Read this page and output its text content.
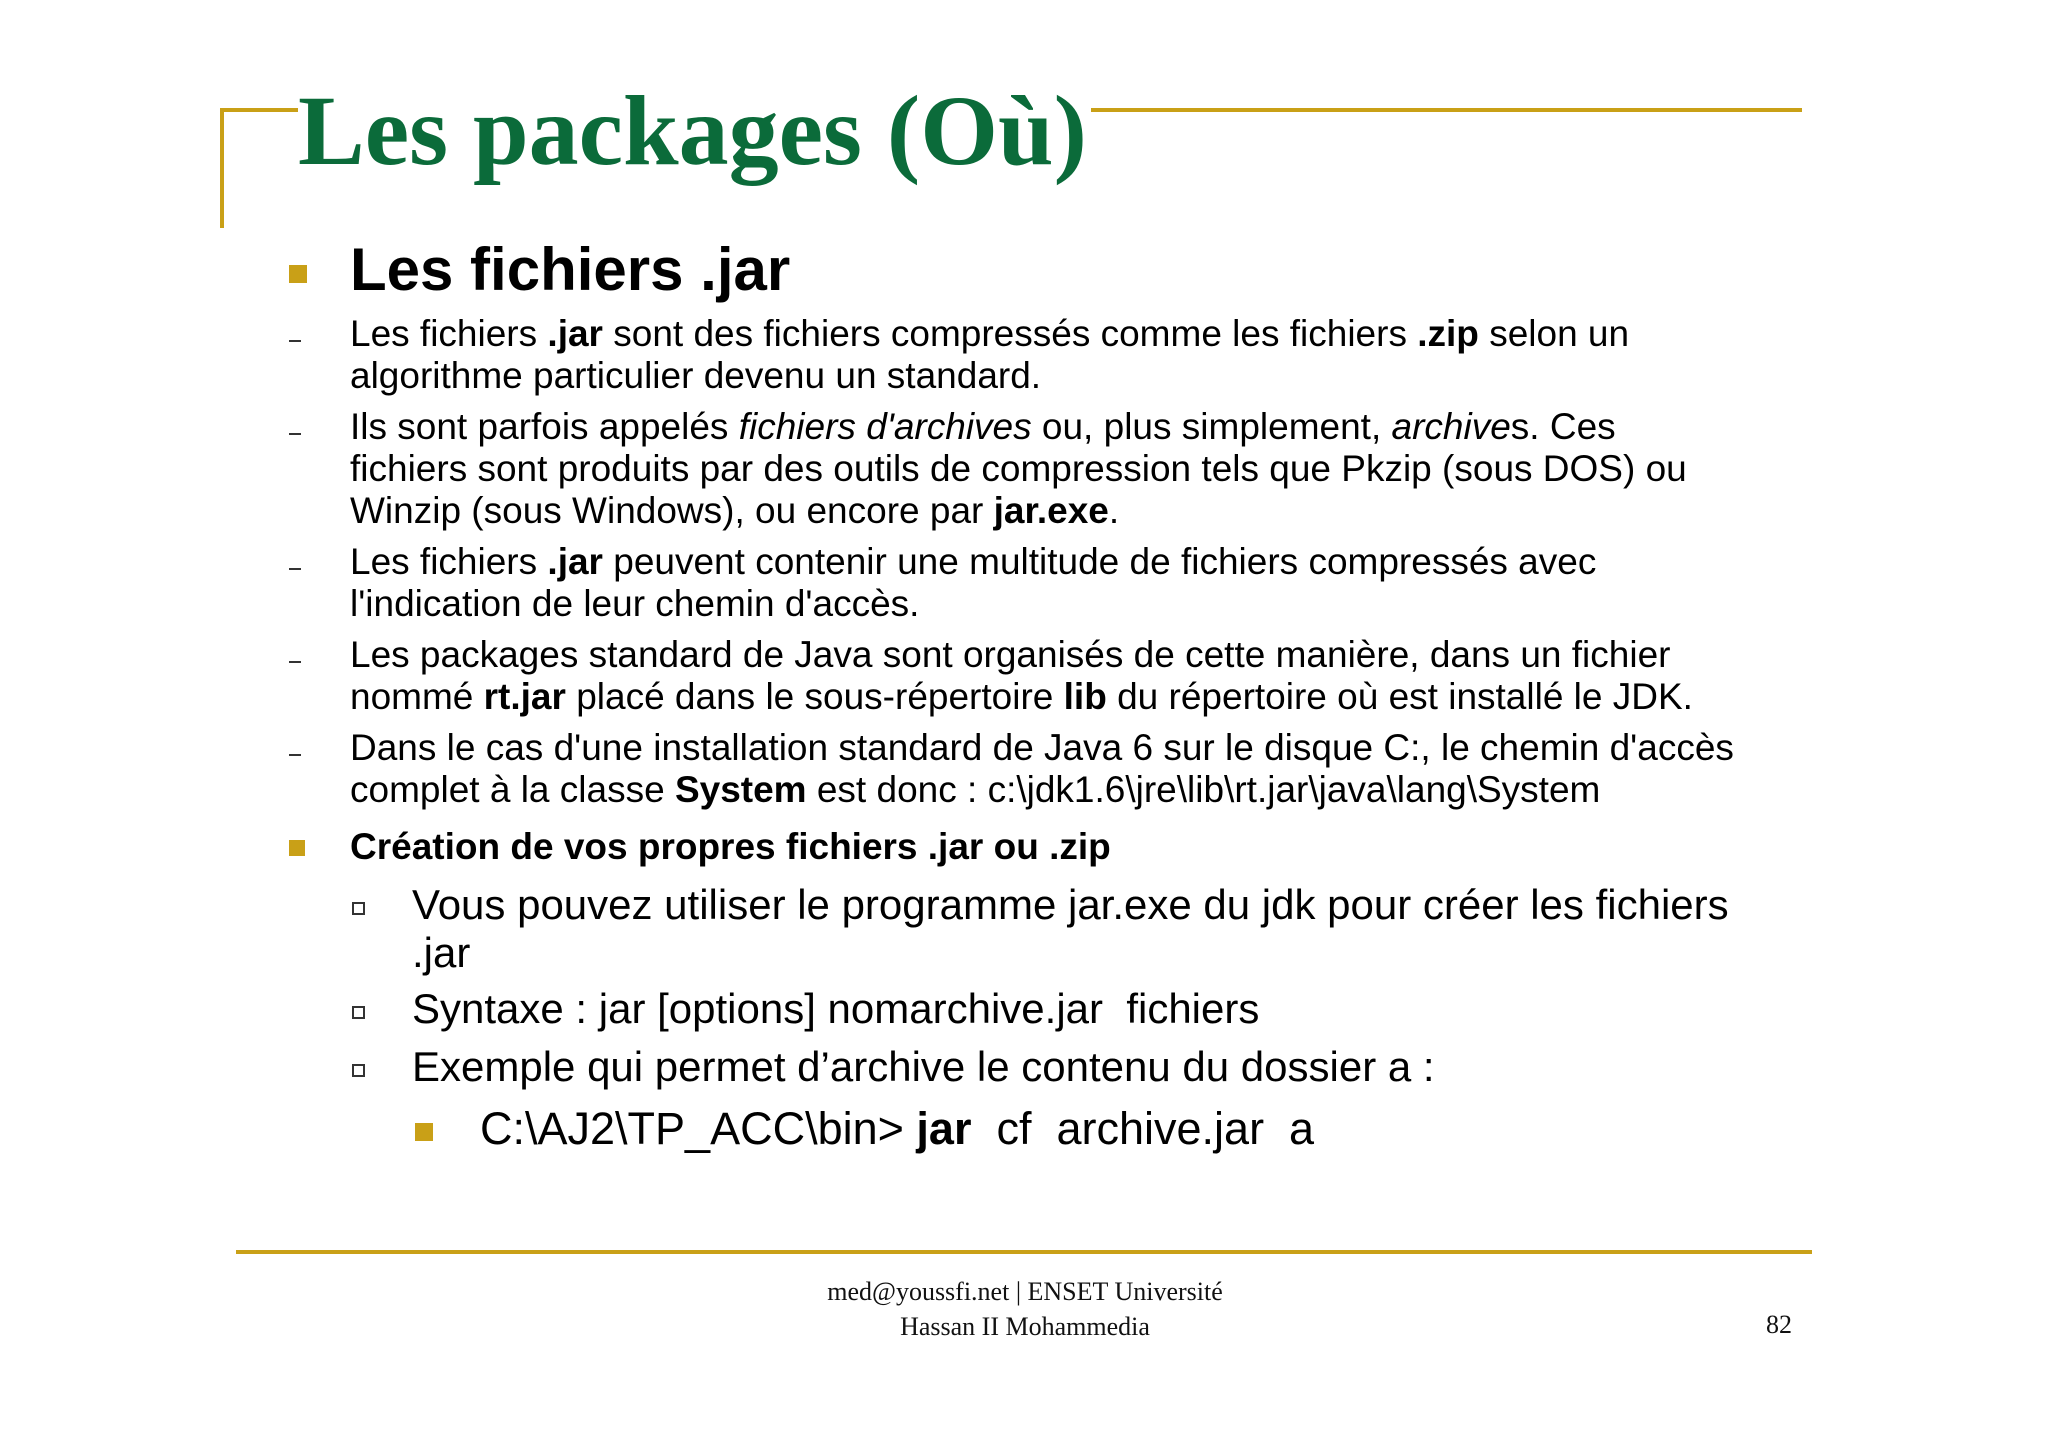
Les packages (Où)
Les fichiers .jar
Les fichiers .jar sont des fichiers compressés comme les fichiers .zip selon un
algorithme particulier devenu un standard.
Ils sont parfois appelés fichiers d'archives ou, plus simplement, archives. Ces
fichiers sont produits par des outils de compression tels que Pkzip (sous DOS) ou
Winzip (sous Windows), ou encore par jar.exe.
Les fichiers .jar peuvent contenir une multitude de fichiers compressés avec
l'indication de leur chemin d'accès.
Les packages standard de Java sont organisés de cette manière, dans un fichier
nommé rt.jar placé dans le sous-répertoire lib du répertoire où est installé le JDK.
Dans le cas d'une installation standard de Java 6 sur le disque C:, le chemin d'accès
complet à la classe System est donc : c:\jdk1.6\jre\lib\rt.jar\java\lang\System
Création de vos propres fichiers .jar ou .zip
Vous pouvez utiliser le programme jar.exe du jdk pour créer les fichiers
.jar
Syntaxe : jar [options] nomarchive.jar  fichiers
Exemple qui permet d’archive le contenu du dossier a :
C:\AJ2\TP_ACC\bin> jar  cf  archive.jar  a
med@youssfi.net | ENSET Université
Hassan II Mohammedia	82
